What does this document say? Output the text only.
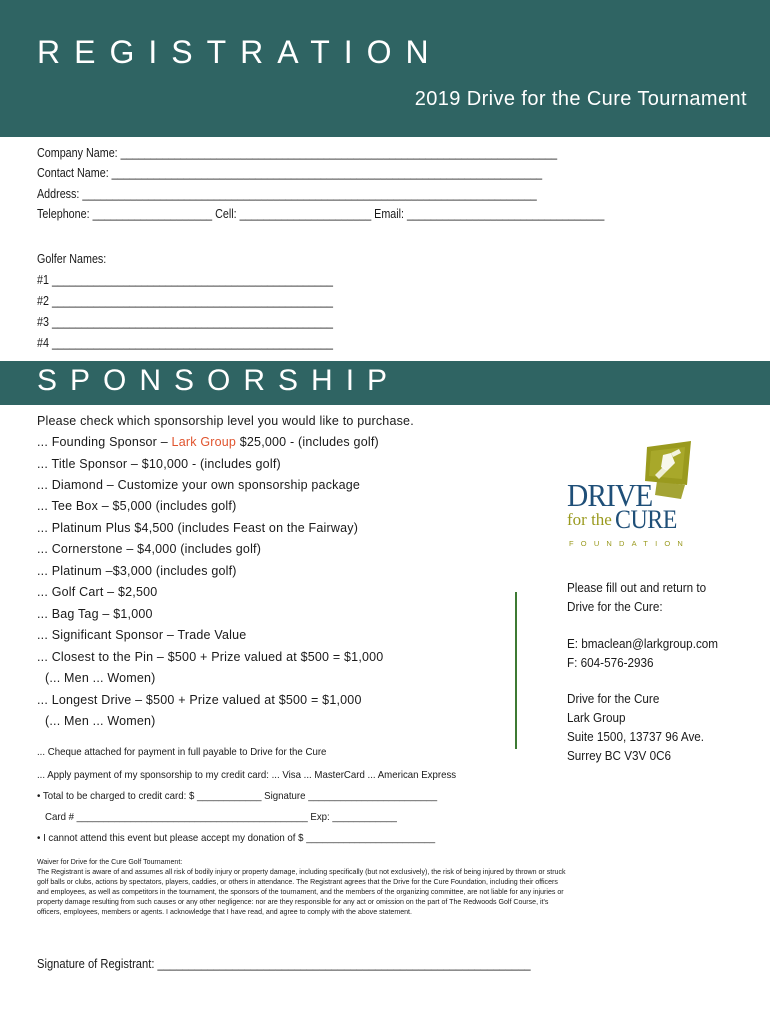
REGISTRATION
2019 Drive for the Cure Tournament
Company Name: _________________________________________________________________________
Contact Name: ________________________________________________________________________
Address: ____________________________________________________________________________
Telephone: ____________________ Cell: ______________________ Email: _________________________________
Golfer Names:
#1 _______________________________________________
#2 _______________________________________________
#3 _______________________________________________
#4 _______________________________________________
SPONSORSHIP
Please check which sponsorship level you would like to purchase.
... Founding Sponsor – Lark Group $25,000 - (includes golf)
... Title Sponsor – $10,000 - (includes golf)
... Diamond – Customize your own sponsorship package
... Tee Box – $5,000 (includes golf)
... Platinum Plus $4,500 (includes Feast on the Fairway)
... Cornerstone – $4,000 (includes golf)
... Platinum –$3,000 (includes golf)
... Golf Cart – $2,500
... Bag Tag – $1,000
... Significant Sponsor – Trade Value
... Closest to the Pin – $500 + Prize valued at $500 = $1,000
(... Men ... Women)
... Longest Drive – $500 + Prize valued at $500 = $1,000
(... Men ... Women)
... Cheque attached for payment in full payable to Drive for the Cure
... Apply payment of my sponsorship to my credit card: ... Visa ... MasterCard ... American Express
• Total to be charged to credit card: $ ____________ Signature ________________________
Card # ___________________________________________ Exp: ____________
• I cannot attend this event but please accept my donation of $ ________________________

Waiver for Drive for the Cure Golf Tournament:

The Registrant is aware of and assumes all risk of bodily injury or property damage, including specifically (but not exclusively), the risk of being injured by thrown or struck golf balls or clubs, actions by spectators, players, caddies, or others in attendance. The Registrant agrees that the Drive for the Cure Foundation, including their officers and employees, as well as competitors in the tournament, the sponsors of the tournament, and the members of the organizing committee, are not liable for any injuries or property damage resulting from such causes or any other negligence: nor are they responsible for any act or omission on the part of The Redwoods Golf Course, it's officers, employees, members or agents. I acknowledge that I have read, and agree to comply with the above statement.

Signature of Registrant: ____________________________________________________________
DRIVE
for the CURE
FOUNDATION
Please fill out and return to
Drive for the Cure:
E: bmaclean@larkgroup.com
F: 604-576-2936
Drive for the Cure
Lark Group
Suite 1500, 13737 96 Ave.
Surrey BC V3V 0C6
